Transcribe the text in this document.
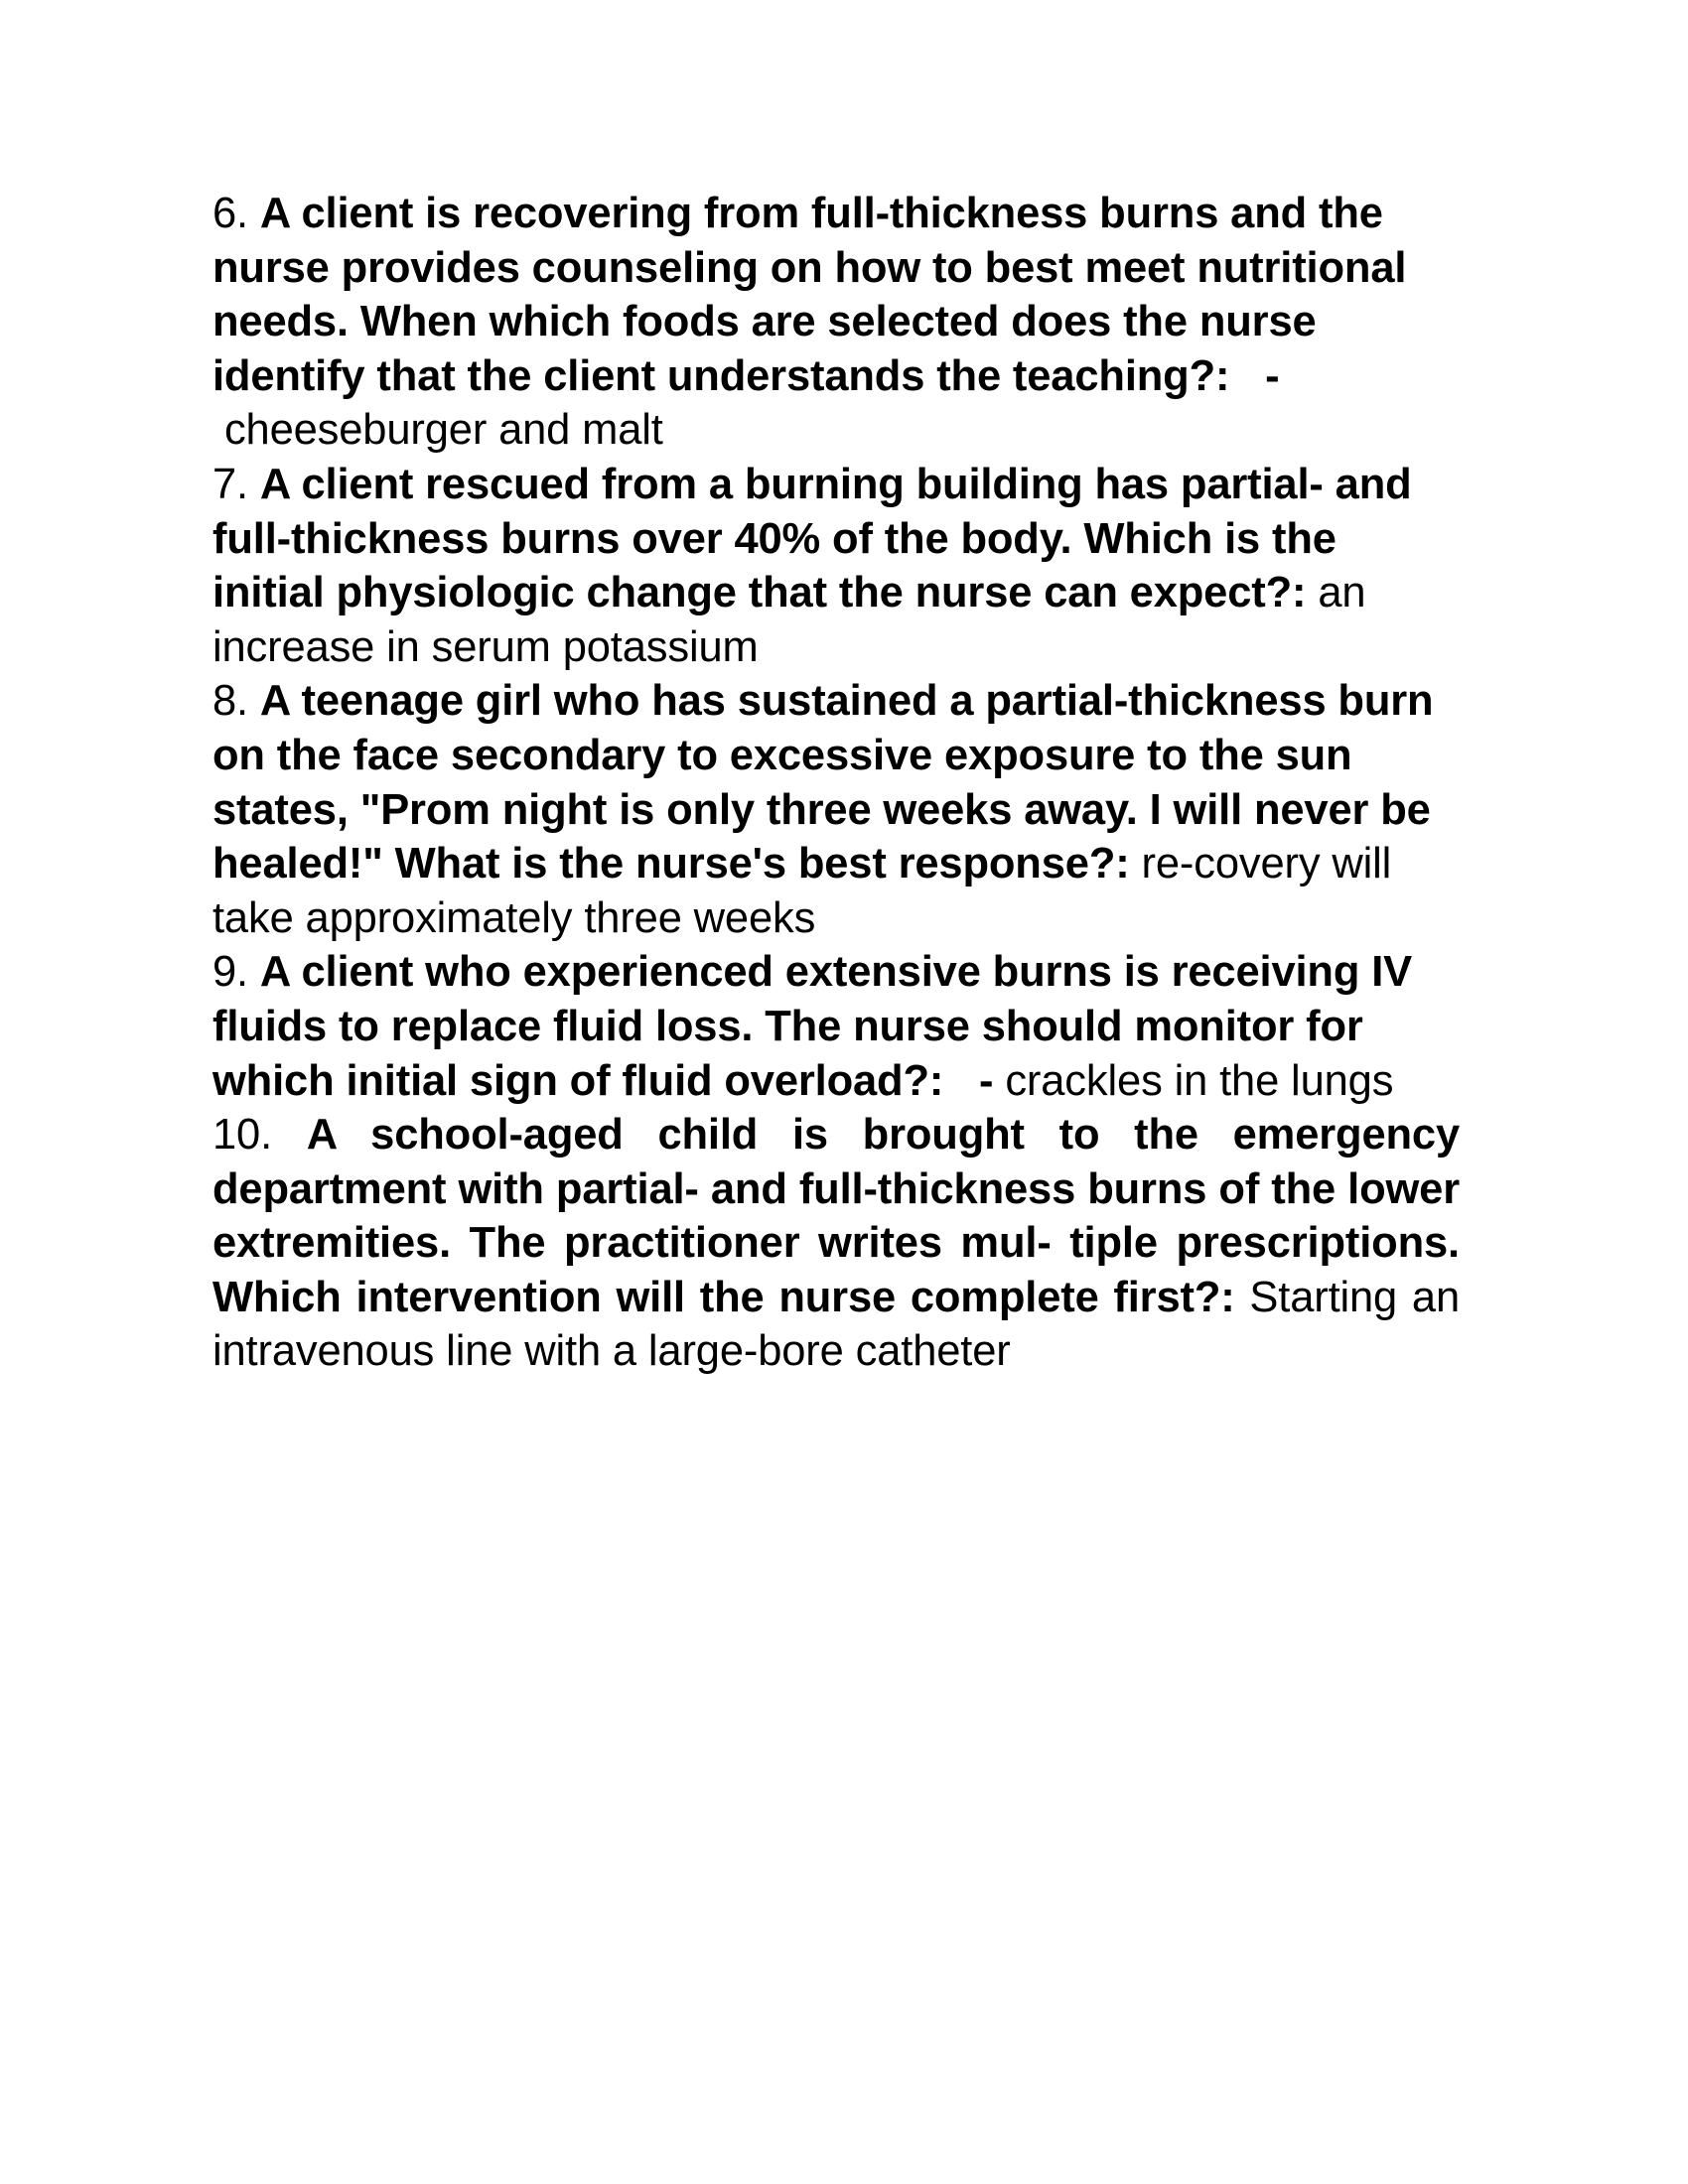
6. A client is recovering from full-thickness burns and the nurse provides counseling on how to best meet nutritional needs. When which foods are selected does the nurse identify that the client understands the teaching?: - cheeseburger and malt

7. A client rescued from a burning building has partial- and full-thickness burns over 40% of the body. Which is the initial physiologic change that the nurse can expect?: an increase in serum potassium

8. A teenage girl who has sustained a partial-thickness burn on the face secondary to excessive exposure to the sun states, "Prom night is only three weeks away. I will never be healed!" What is the nurse's best response?: re-covery will take approximately three weeks

9. A client who experienced extensive burns is receiving IV fluids to replace fluid loss. The nurse should monitor for which initial sign of fluid overload?: - crackles in the lungs

10. A school-aged child is brought to the emergency department with partial- and full-thickness burns of the lower extremities. The practitioner writes mul- tiple prescriptions. Which intervention will the nurse complete first?: Starting an intravenous line with a large-bore catheter
